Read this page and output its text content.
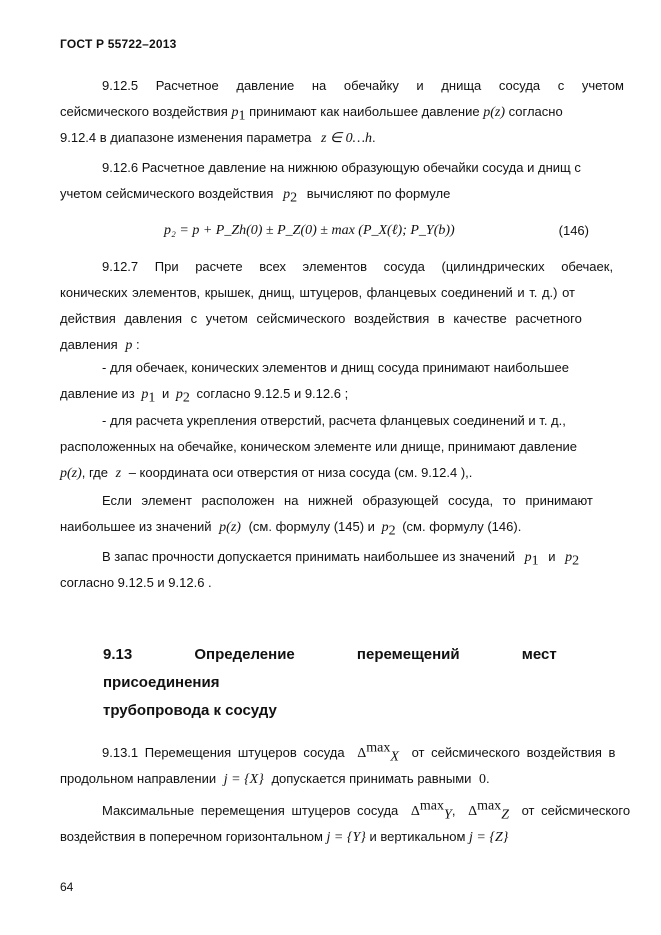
ГОСТ Р 55722–2013
9.12.5 Расчетное давление на обечайку и днища сосуда с учетом
сейсмического воздействия $p_1$ принимают как наибольшее давление p(z) согласно
9.12.4 в диапазоне изменения параметра z ∈ 0…h.
9.12.6 Расчетное давление на нижнюю образующую обечайки сосуда и днищ с
учетом сейсмического воздействия $p_2$ вычисляют по формуле
p₂ = p + P_Zh(0) ± P_Z(0) ± max (P_X(ℓ); P_Y(b))	(146)
9.12.7 При расчете всех элементов сосуда (цилиндрических обечаек,
конических элементов, крышек, днищ, штуцеров, фланцевых соединений и т. д.) от
действия давления с учетом сейсмического воздействия в качестве расчетного
давления p :
- для обечаек, конических элементов и днищ сосуда принимают наибольшее
давление из $p_1$ и $p_2$ согласно 9.12.5 и 9.12.6 ;
- для расчета укрепления отверстий, расчета фланцевых соединений и т. д.,
расположенных на обечайке, коническом элементе или днище, принимают давление
p(z), где z – координата оси отверстия от низа сосуда (см. 9.12.4 ),.
Если элемент расположен на нижней образующей сосуда, то принимают
наибольшее из значений p(z) (см. формулу (145) и $p_2$ (см. формулу (146).
В запас прочности допускается принимать наибольшее из значений $p_1$ и $p_2$
согласно 9.12.5 и 9.12.6 .
9.13 Определение перемещений мест присоединения
трубопровода к сосуду
9.13.1 Перемещения штуцеров сосуда $\Delta^{max}_X$ от сейсмического воздействия в
продольном направлении j = {X} допускается принимать равными 0.
Максимальные перемещения штуцеров сосуда $\Delta^{max}_Y$, $\Delta^{max}_Z$ от сейсмического
воздействия в поперечном горизонтальном j = {Y} и вертикальном j = {Z}
64
